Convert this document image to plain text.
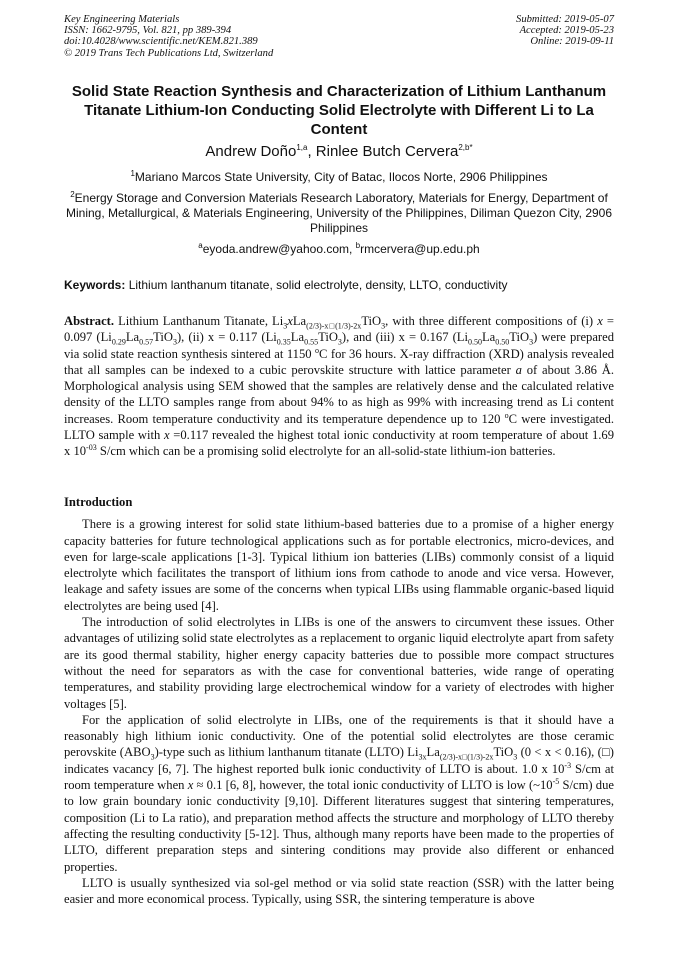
Key Engineering Materials
ISSN: 1662-9795, Vol. 821, pp 389-394
doi:10.4028/www.scientific.net/KEM.821.389
© 2019 Trans Tech Publications Ltd, Switzerland
Submitted: 2019-05-07
Accepted: 2019-05-23
Online: 2019-09-11
Solid State Reaction Synthesis and Characterization of Lithium Lanthanum Titanate Lithium-Ion Conducting Solid Electrolyte with Different Li to La Content
Andrew Doño$^{1,a}$, Rinlee Butch Cervera$^{2,b*}$
$^1$Mariano Marcos State University, City of Batac, Ilocos Norte, 2906 Philippines
$^2$Energy Storage and Conversion Materials Research Laboratory, Materials for Energy, Department of Mining, Metallurgical, & Materials Engineering, University of the Philippines, Diliman Quezon City, 2906 Philippines
$^a$eyoda.andrew@yahoo.com, $^b$rmcervera@up.edu.ph
Keywords: Lithium lanthanum titanate, solid electrolyte, density, LLTO, conductivity

Abstract. Lithium Lanthanum Titanate, $Li_3xLa_{(2/3)-x□(1/3)-2x}TiO_3$, with three different compositions of (i) x = 0.097 $(Li_{0.29}La_{0.57}TiO_3)$, (ii) x = 0.117 $(Li_{0.35}La_{0.55}TiO_3)$, and (iii) x = 0.167 $(Li_{0.50}La_{0.50}TiO_3)$ were prepared via solid state reaction synthesis sintered at 1150 $^o$C for 36 hours. X-ray diffraction (XRD) analysis revealed that all samples can be indexed to a cubic perovskite structure with lattice parameter a of about 3.86 Å. Morphological analysis using SEM showed that the samples are relatively dense and the calculated relative density of the LLTO samples range from about 94% to as high as 99% with increasing trend as Li content increases. Room temperature conductivity and its temperature dependence up to 120 $^o$C were investigated. LLTO sample with x =0.117 revealed the highest total ionic conductivity at room temperature of about 1.69 x $10^{-03}$ S/cm which can be a promising solid electrolyte for an all-solid-state lithium-ion batteries.

Introduction

There is a growing interest for solid state lithium-based batteries due to a promise of a higher energy capacity batteries for future technological applications such as for portable electronics, micro-devices, and even for large-scale applications [1-3]. Typical lithium ion batteries (LIBs) commonly consist of a liquid electrolyte which facilitates the transport of lithium ions from cathode to anode and vice versa. However, leakage and safety issues are some of the concerns when typical LIBs using flammable organic-based liquid electrolytes are being used [4].

The introduction of solid electrolytes in LIBs is one of the answers to circumvent these issues. Other advantages of utilizing solid state electrolytes as a replacement to organic liquid electrolyte apart from safety are its good thermal stability, higher energy capacity batteries due to possible more compact structures without the need for separators as with the case for conventional batteries, wide range of operating temperatures, and stability providing large electrochemical window for a variety of electrodes with higher voltages [5].

For the application of solid electrolyte in LIBs, one of the requirements is that it should have a reasonably high lithium ionic conductivity. One of the potential solid electrolytes are those ceramic perovskite $(ABO_3)$-type such as lithium lanthanum titanate (LLTO) $Li_{3x}La_{(2/3)-x□(1/3)-2x}TiO_3$ (0 < x < 0.16), (□) indicates vacancy [6, 7]. The highest reported bulk ionic conductivity of LLTO is about. 1.0 x $10^{-3}$ S/cm at room temperature when x ≈ 0.1 [6, 8], however, the total ionic conductivity of LLTO is low ($\sim 10^{-5}$ S/cm) due to low grain boundary ionic conductivity [9,10]. Different literatures suggest that sintering temperatures, composition (Li to La ratio), and preparation method affects the structure and morphology of LLTO thereby affecting the resulting conductivity [5-12]. Thus, although many reports have been made to the properties of LLTO, different preparation steps and sintering conditions may provide also different or enhanced properties.

LLTO is usually synthesized via sol-gel method or via solid state reaction (SSR) with the latter being easier and more economical process. Typically, using SSR, the sintering temperature is above
